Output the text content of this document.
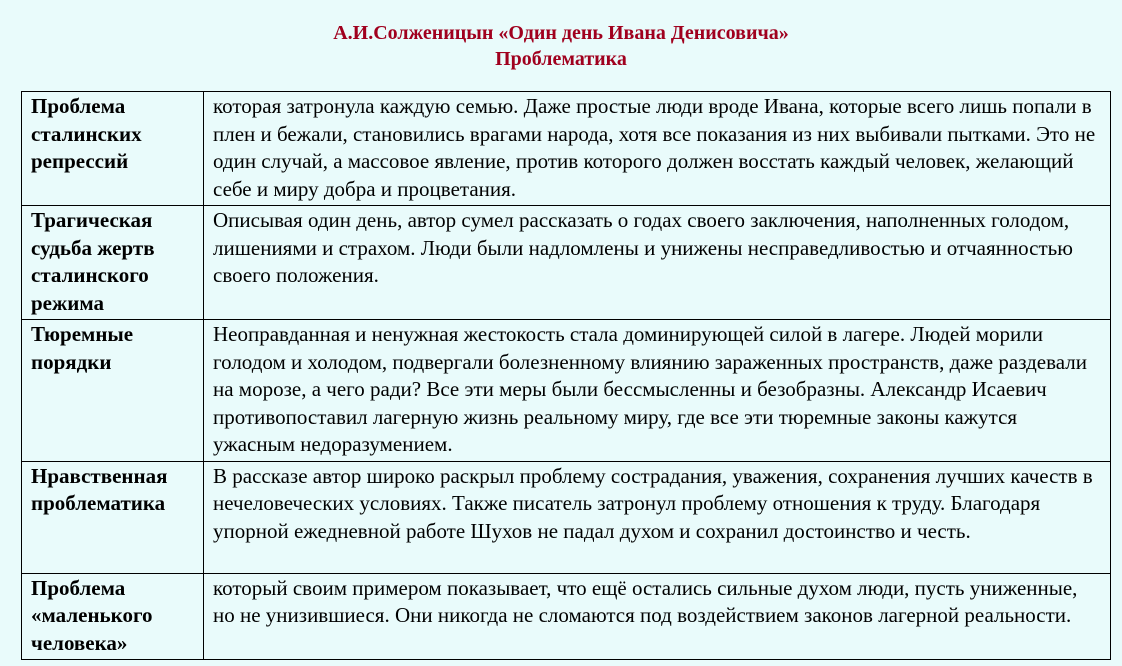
А.И.Солженицын «Один день Ивана Денисовича»
Проблематика
Проблема сталинских репрессий	которая затронула каждую семью. Даже простые люди вроде Ивана, которые всего лишь попали в плен и бежали, становились врагами народа, хотя все показания из них выбивали пытками. Это не один случай, а массовое явление, против которого должен восстать каждый человек, желающий себе и миру добра и процветания.
Трагическая судьба жертв сталинского режима	Описывая один день, автор сумел рассказать о годах своего заключения, наполненных голодом, лишениями и страхом. Люди были надломлены и унижены несправедливостью и отчаянностью своего положения.
Тюремные порядки	Неоправданная и ненужная жестокость стала доминирующей силой в лагере. Людей морили голодом и холодом, подвергали болезненному влиянию зараженных пространств, даже раздевали на морозе, а чего ради? Все эти меры были бессмысленны и безобразны. Александр Исаевич противопоставил лагерную жизнь реальному миру, где все эти тюремные законы кажутся ужасным недоразумением.
Нравственная проблематика	В рассказе автор широко раскрыл проблему сострадания, уважения, сохранения лучших качеств в нечеловеческих условиях. Также писатель затронул проблему отношения к труду. Благодаря упорной ежедневной работе Шухов не падал духом и сохранил достоинство и честь.
Проблема «маленького человека»	который своим примером показывает, что ещё остались сильные духом люди, пусть униженные, но не унизившиеся. Они никогда не сломаются под воздействием законов лагерной реальности.
